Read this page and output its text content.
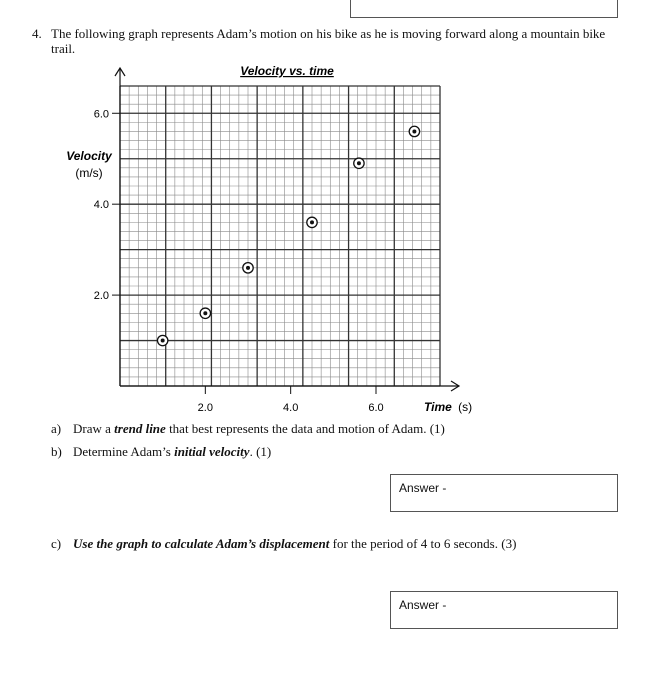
4. The following graph represents Adam’s motion on his bike as he is moving forward along a mountain bike trail.
2.0	4.0	6.0
2.0
4.0
6.0
Velocity vs. time
Velocity
(m/s)
Time (s)
a) Draw a trend line that best represents the data and motion of Adam. (1)
b) Determine Adam’s initial velocity. (1)
Answer -
c) Use the graph to calculate Adam’s displacement for the period of 4 to 6 seconds. (3)
Answer -
